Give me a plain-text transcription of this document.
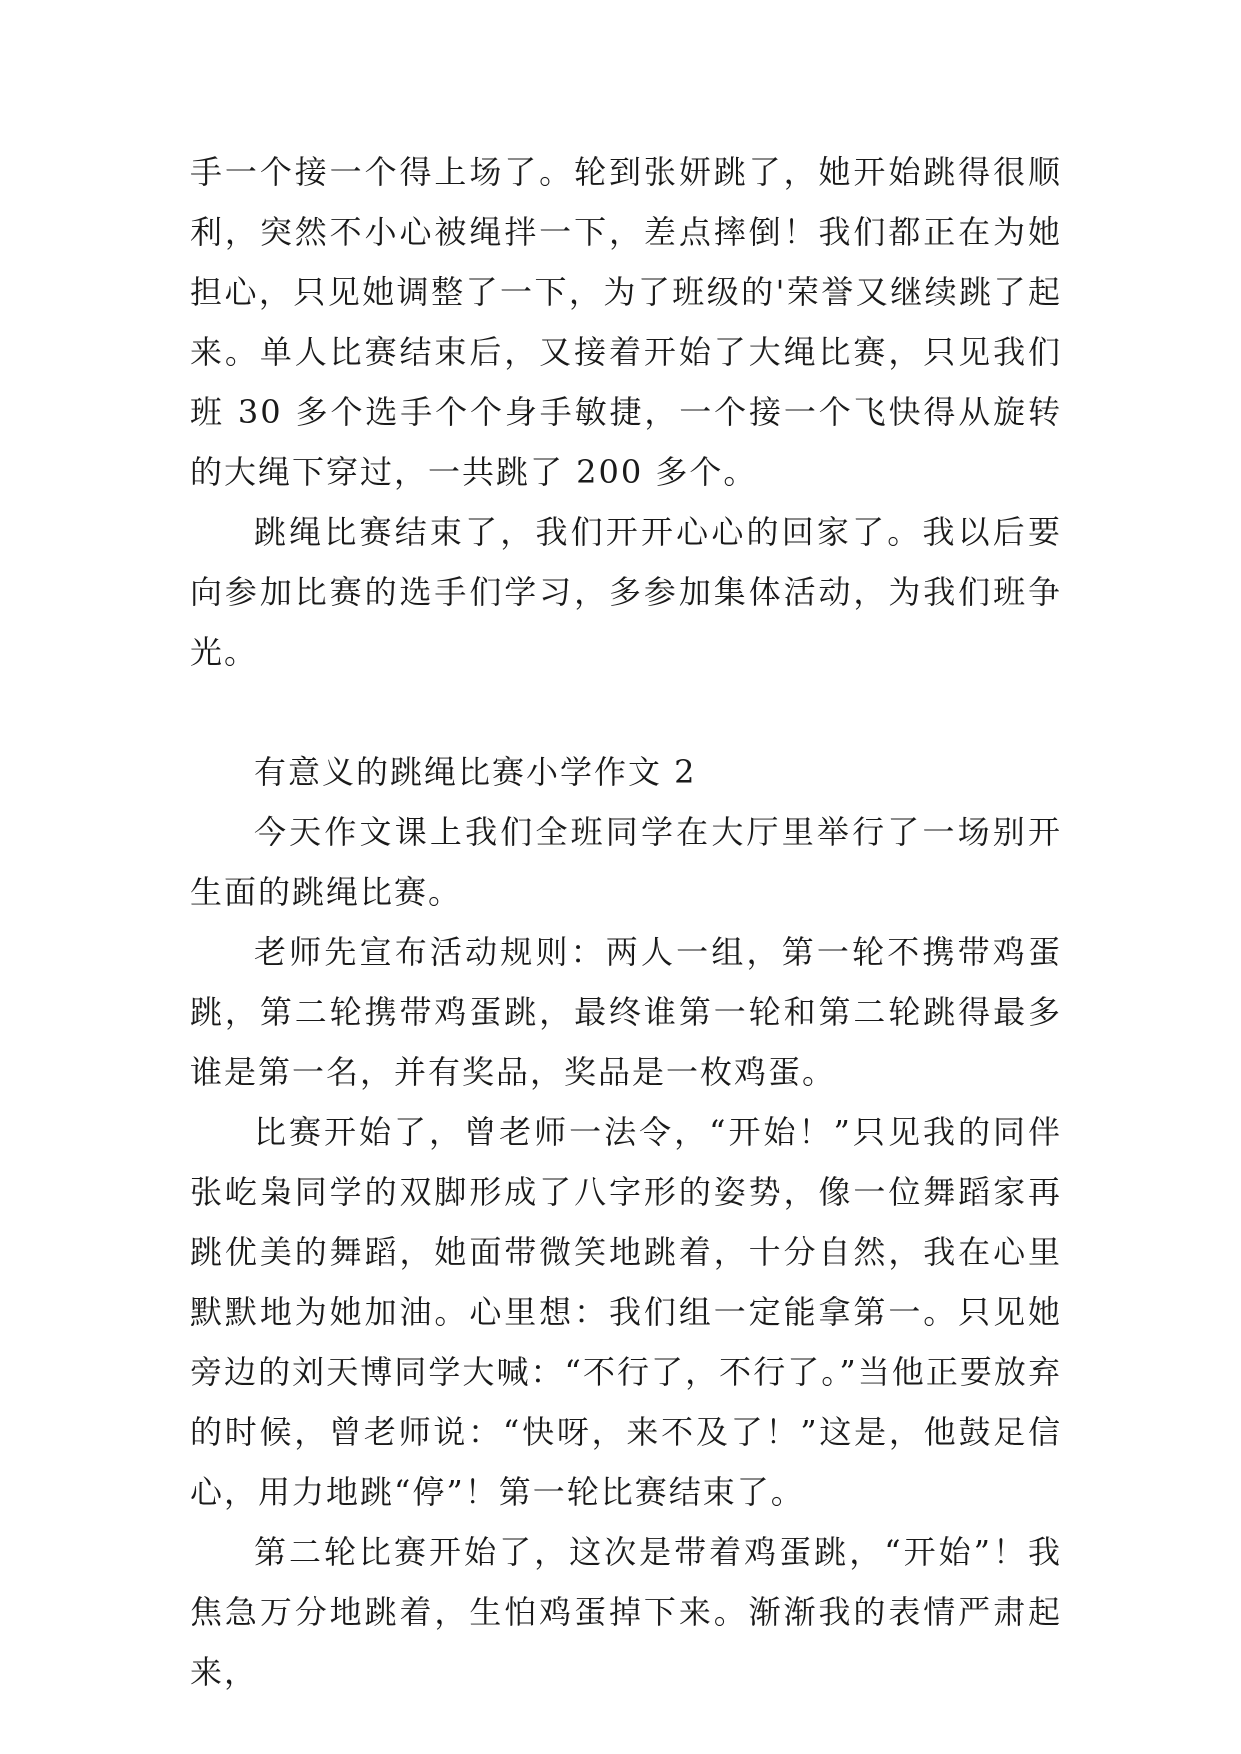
手一个接一个得上场了。轮到张妍跳了，她开始跳得很顺利，突然不小心被绳拌一下，差点摔倒！我们都正在为她担心，只见她调整了一下，为了班级的'荣誉又继续跳了起来。单人比赛结束后，又接着开始了大绳比赛，只见我们班 30 多个选手个个身手敏捷，一个接一个飞快得从旋转的大绳下穿过，一共跳了 200 多个。

跳绳比赛结束了，我们开开心心的回家了。我以后要向参加比赛的选手们学习，多参加集体活动，为我们班争光。

有意义的跳绳比赛小学作文 2

今天作文课上我们全班同学在大厅里举行了一场别开生面的跳绳比赛。

老师先宣布活动规则：两人一组，第一轮不携带鸡蛋跳，第二轮携带鸡蛋跳，最终谁第一轮和第二轮跳得最多谁是第一名，并有奖品，奖品是一枚鸡蛋。

比赛开始了，曾老师一法令，“开始！”只见我的同伴张屹枭同学的双脚形成了八字形的姿势，像一位舞蹈家再跳优美的舞蹈，她面带微笑地跳着，十分自然，我在心里默默地为她加油。心里想：我们组一定能拿第一。只见她旁边的刘天博同学大喊：“不行了，不行了。”当他正要放弃的时候，曾老师说：“快呀，来不及了！”这是，他鼓足信心，用力地跳“停”！第一轮比赛结束了。

第二轮比赛开始了，这次是带着鸡蛋跳，“开始”！我焦急万分地跳着，生怕鸡蛋掉下来。渐渐我的表情严肃起来，
